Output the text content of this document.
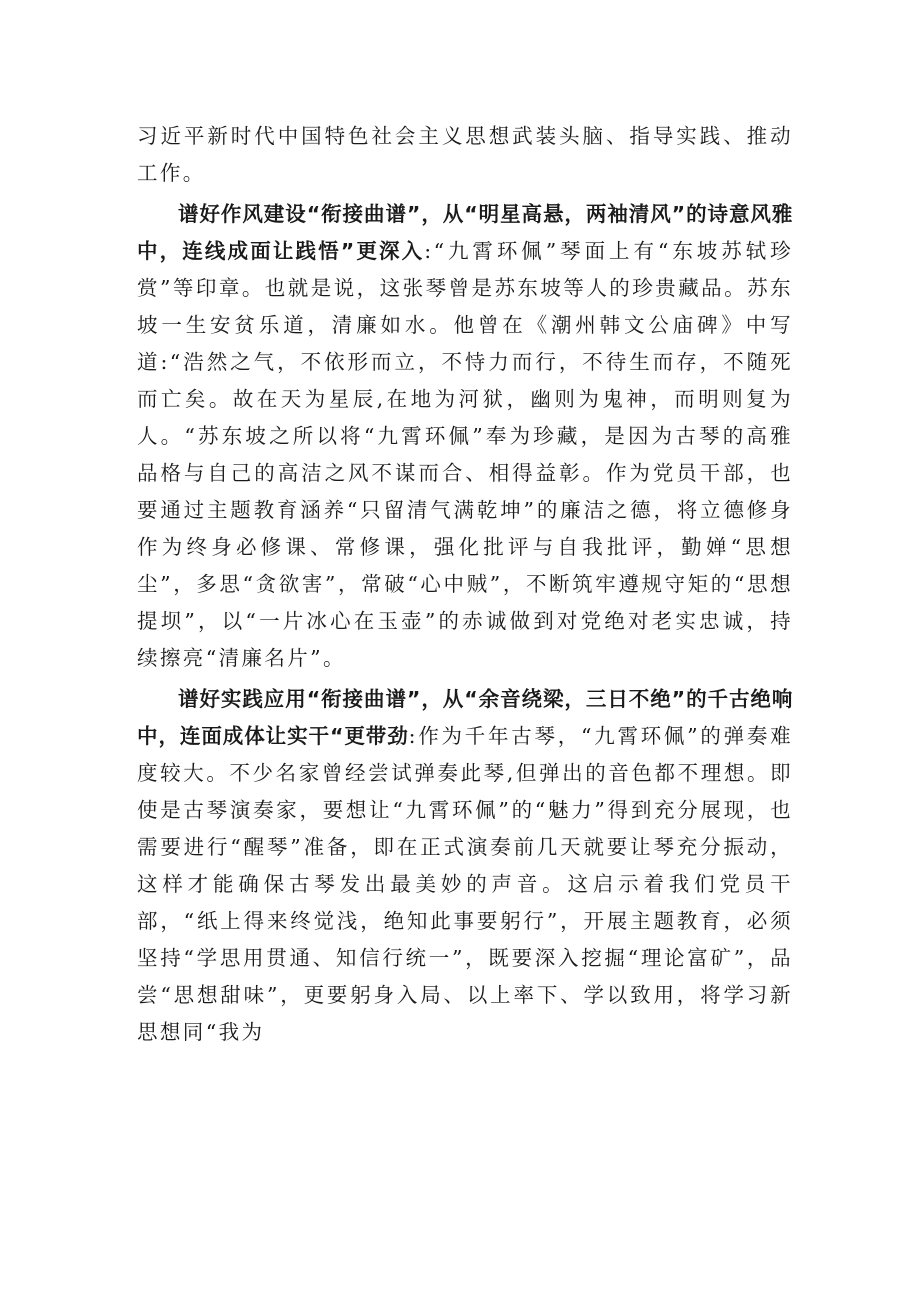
习近平新时代中国特色社会主义思想武装头脑、指导实践、推动工作。

谱好作风建设“衔接曲谱”，从“明星高悬，两袖清风”的诗意风雅中，连线成面让践悟”更深入:“九霄环佩”琴面上有“东坡苏轼珍赏”等印章。也就是说，这张琴曾是苏东坡等人的珍贵藏品。苏东坡一生安贫乐道，清廉如水。他曾在《潮州韩文公庙碑》中写道:“浩然之气，不依形而立，不恃力而行，不待生而存，不随死而亡矣。故在天为星辰,在地为河狱，幽则为鬼神，而明则复为人。“苏东坡之所以将“九霄环佩”奉为珍藏，是因为古琴的高雅品格与自己的高洁之风不谋而合、相得益彰。作为党员干部，也要通过主题教育涵养“只留清气满乾坤”的廉洁之德，将立德修身作为终身必修课、常修课，强化批评与自我批评，勤婵“思想尘”，多思“贪欲害”，常破“心中贼”，不断筑牢遵规守矩的“思想提坝”，以“一片冰心在玉壶”的赤诚做到对党绝对老实忠诚，持续擦亮“清廉名片”。

谱好实践应用“衔接曲谱”，从“余音绕梁，三日不绝”的千古绝响中，连面成体让实干“更带劲:作为千年古琴，“九霄环佩”的弹奏难度较大。不少名家曾经尝试弹奏此琴,但弹出的音色都不理想。即使是古琴演奏家，要想让“九霄环佩”的“魅力”得到充分展现，也需要进行“醒琴”准备，即在正式演奏前几天就要让琴充分振动，这样才能确保古琴发出最美妙的声音。这启示着我们党员干部，“纸上得来终觉浅，绝知此事要躬行”，开展主题教育，必须坚持“学思用贯通、知信行统一”，既要深入挖掘“理论富矿”，品尝“思想甜味”，更要躬身入局、以上率下、学以致用，将学习新思想同“我为
